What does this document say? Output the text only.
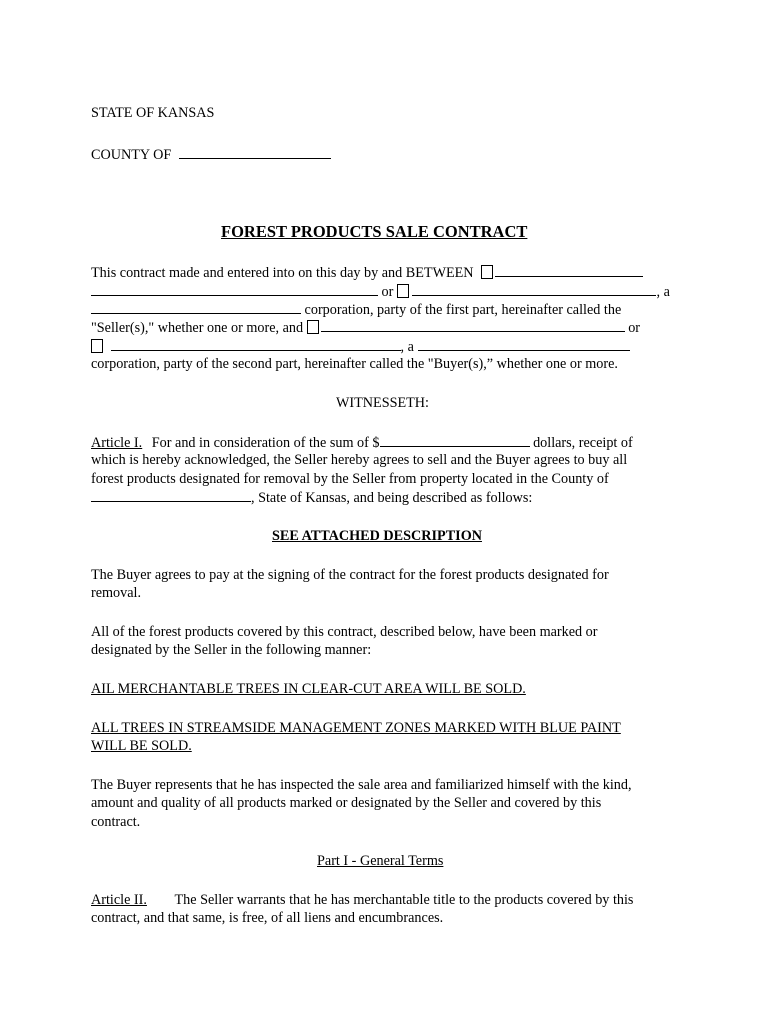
STATE OF KANSAS
COUNTY OF
FOREST PRODUCTS SALE CONTRACT
This contract made and entered into on this day by and BETWEEN
or	, a
corporation, party of the first part, hereinafter called the
"Seller(s)," whether one or more, and	or
, a
corporation, party of the second part, hereinafter called the "Buyer(s),” whether one or more.
WITNESSETH:
Article I. For and in consideration of the sum of $	dollars, receipt of
which is hereby acknowledged, the Seller hereby agrees to sell and the Buyer agrees to buy all
forest products designated for removal by the Seller from property located in the County of
, State of Kansas, and being described as follows:
SEE ATTACHED DESCRIPTION
The Buyer agrees to pay at the signing of the contract for the forest products designated for
removal.
All of the forest products covered by this contract, described below, have been marked or
designated by the Seller in the following manner:
AIL MERCHANTABLE TREES IN CLEAR-CUT AREA WILL BE SOLD.
ALL TREES IN STREAMSIDE MANAGEMENT ZONES MARKED WITH BLUE PAINT
WILL BE SOLD.
The Buyer represents that he has inspected the sale area and familiarized himself with the kind,
amount and quality of all products marked or designated by the Seller and covered by this
contract.
Part I - General Terms
Article II. The Seller warrants that he has merchantable title to the products covered by this
contract, and that same, is free, of all liens and encumbrances.
